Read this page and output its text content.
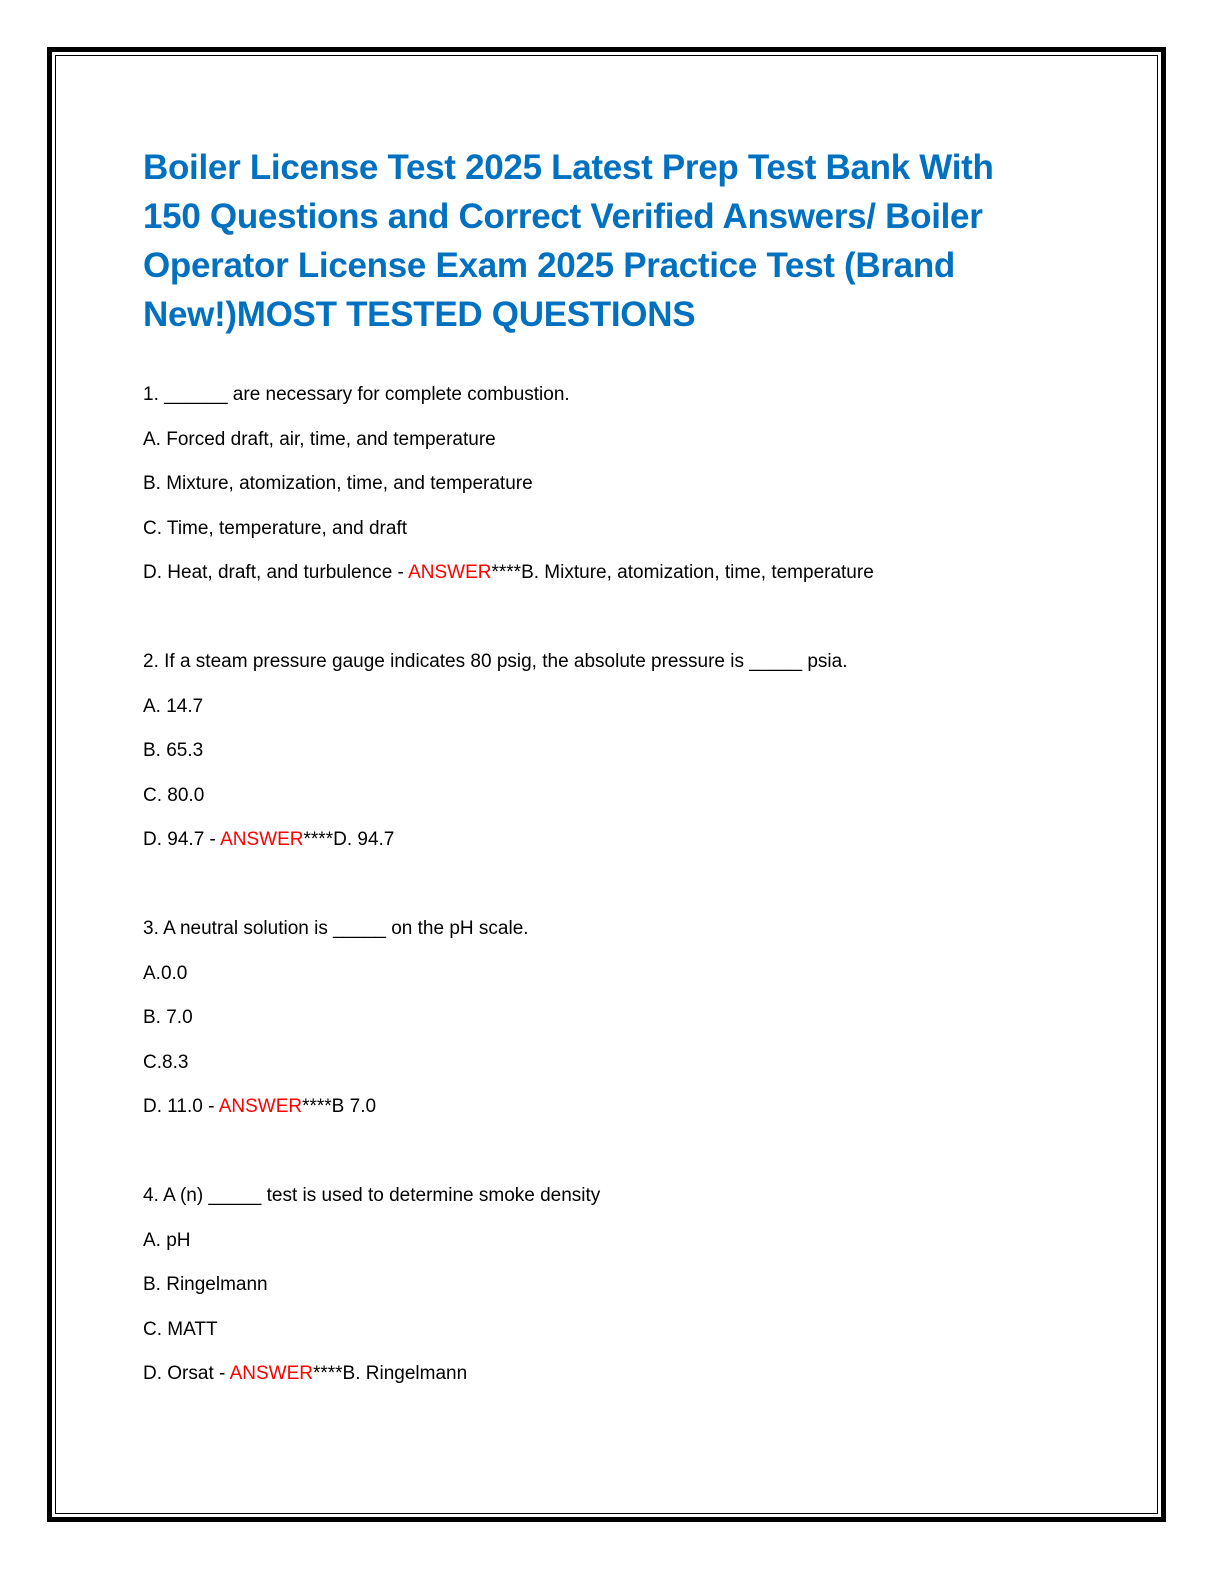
Boiler License Test 2025 Latest Prep Test Bank With 150 Questions and Correct Verified Answers/ Boiler Operator License Exam 2025 Practice Test (Brand New!)MOST TESTED QUESTIONS
1. ______ are necessary for complete combustion.
A. Forced draft, air, time, and temperature
B. Mixture, atomization, time, and temperature
C. Time, temperature, and draft
D. Heat, draft, and turbulence - ANSWER****B. Mixture, atomization, time, temperature
2. If a steam pressure gauge indicates 80 psig, the absolute pressure is _____ psia.
A. 14.7
B. 65.3
C. 80.0
D. 94.7 - ANSWER****D. 94.7
3. A neutral solution is _____ on the pH scale.
A.0.0
B. 7.0
C.8.3
D. 11.0 - ANSWER****B 7.0
4. A (n) _____ test is used to determine smoke density
A. pH
B. Ringelmann
C. MATT
D. Orsat - ANSWER****B. Ringelmann
